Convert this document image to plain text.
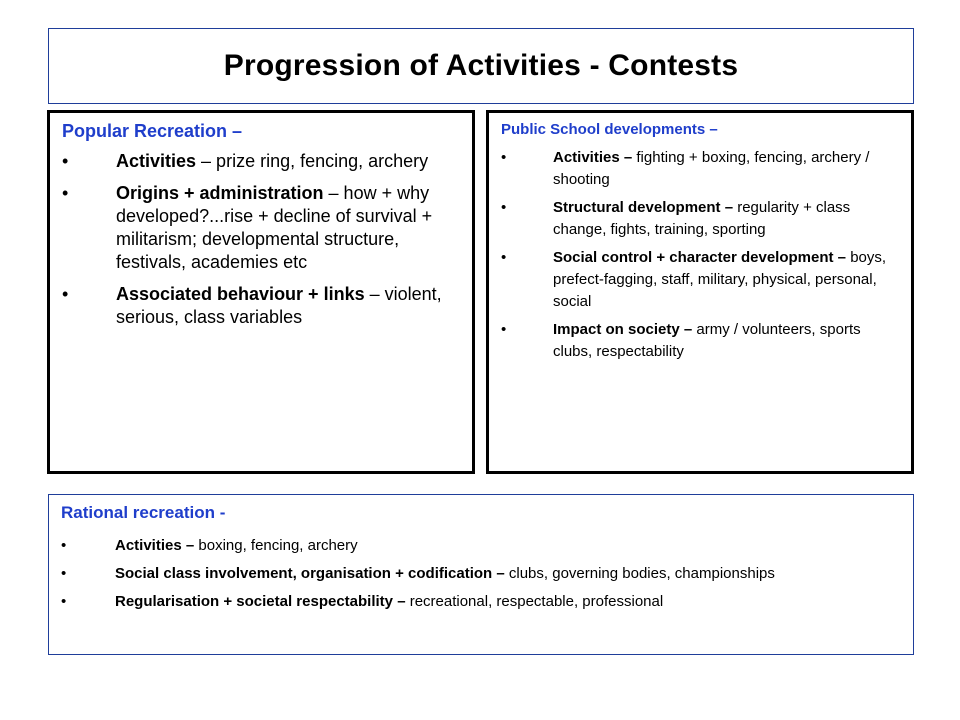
Progression of Activities - Contests

Popular Recreation –

•	Activities – prize ring, fencing, archery
•	Origins + administration – how + why developed?...rise + decline of survival + militarism; developmental structure, festivals, academies etc
•	Associated behaviour + links – violent, serious, class variables

Public School developments –

•	Activities – fighting + boxing, fencing, archery / shooting
•	Structural development – regularity + class change, fights, training, sporting
•	Social control + character development – boys, prefect-fagging, staff, military, physical, personal, social
•	Impact on society – army / volunteers, sports clubs, respectability

Rational recreation -

•	Activities – boxing, fencing, archery
•	Social class involvement, organisation + codification – clubs, governing bodies, championships
•	Regularisation + societal respectability – recreational, respectable, professional
